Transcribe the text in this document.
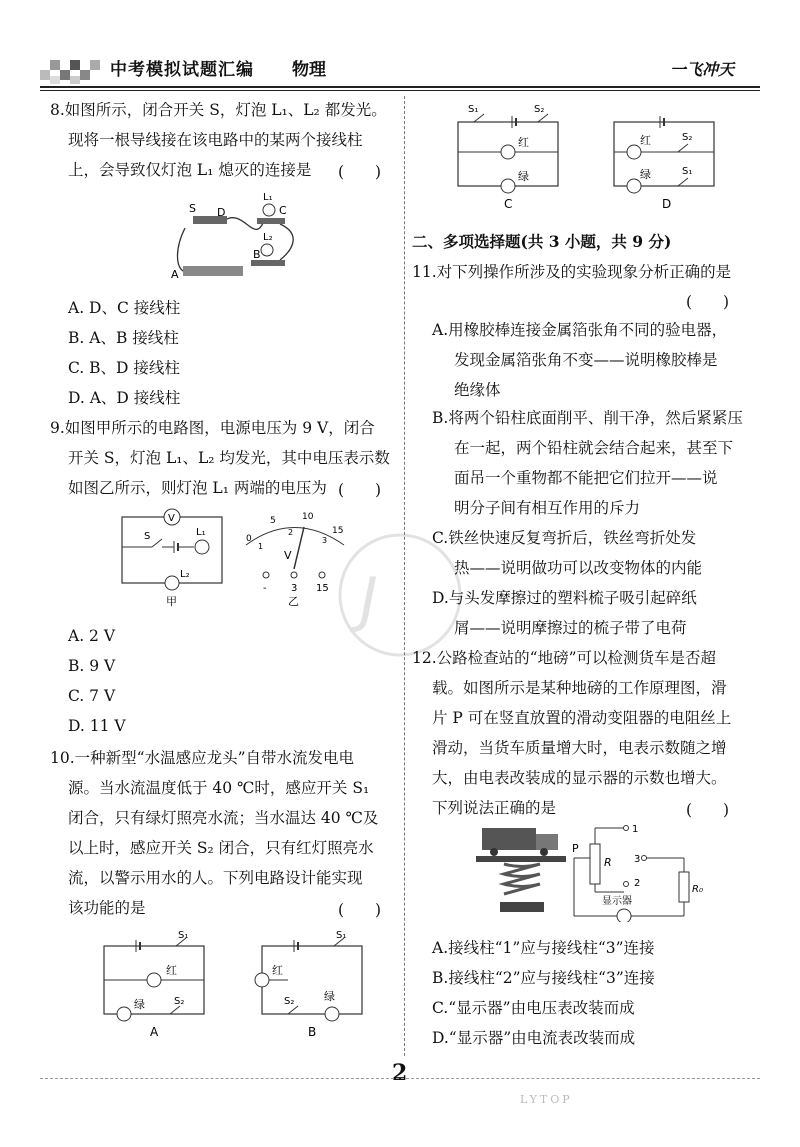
中考模拟试题汇编 物理	一飞冲天
J
8.如图所示，闭合开关 S，灯泡 L₁、L₂ 都发光。
现将一根导线接在该电路中的某两个接线柱
上，会导致仅灯泡 L₁ 熄灭的连接是 (　　)
S D
L₁
C
L₂
B
A
A. D、C 接线柱
B. A、B 接线柱
C. B、D 接线柱
D. A、D 接线柱
9.如图甲所示的电路图，电源电压为 9 V，闭合
开关 S，灯泡 L₁、L₂ 均发光，其中电压表示数
如图乙所示，则灯泡 L₁ 两端的电压为 (　　)
V
S	L₁
L₂
甲
0
5	10
15
1
2
3
V
- 3 15
乙
A. 2 V
B. 9 V
C. 7 V
D. 11 V
10.一种新型“水温感应龙头”自带水流发电电
源。当水流温度低于 40 ℃时，感应开关 S₁
闭合，只有绿灯照亮水流；当水温达 40 ℃及
以上时，感应开关 S₂ 闭合，只有红灯照亮水
流，以警示用水的人。下列电路设计能实现
该功能的是	(　　)
S₁
红
绿	S₂
A
S₁
红
S₂	绿
B
S₁	S₂
红
绿
C
红	S₂
绿	S₁
D
二、多项选择题(共 3 小题，共 9 分)
11.对下列操作所涉及的实验现象分析正确的是
(　　)
A.用橡胶棒连接金属箔张角不同的验电器，
发现金属箔张角不变——说明橡胶棒是
绝缘体
B.将两个铅柱底面削平、削干净，然后紧紧压
在一起，两个铅柱就会结合起来，甚至下
面吊一个重物都不能把它们拉开——说
明分子间有相互作用的斥力
C.铁丝快速反复弯折后，铁丝弯折处发
热——说明做功可以改变物体的内能
D.与头发摩擦过的塑料梳子吸引起碎纸
屑——说明摩擦过的梳子带了电荷
12.公路检查站的“地磅”可以检测货车是否超
载。如图所示是某种地磅的工作原理图，滑
片 P 可在竖直放置的滑动变阻器的电阻丝上
滑动，当货车质量增大时，电表示数随之增
大，由电表改装成的显示器的示数也增大。
下列说法正确的是	(　　)
P
R
1
2
3
R₀
显示器
A.接线柱“1”应与接线柱“3”连接
B.接线柱“2”应与接线柱“3”连接
C.“显示器”由电压表改装而成
D.“显示器”由电流表改装而成
2
LYTOP
